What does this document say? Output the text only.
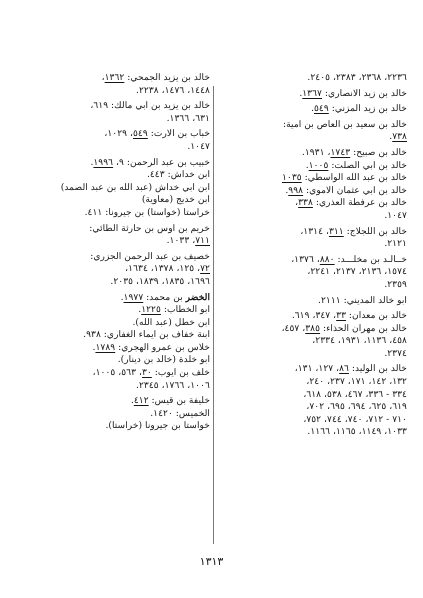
٢٢٣٦، ٢٣٦٨، ٢٣٨٣، ٢٤٠٥.
خالد بن زيد الانصاري: ١٣٦٧.
خالد بن زيد المزني: ٥٤٩.
خالد بن سعيد بن العاص بن امية:
٧٣٨.
خالد بن صبيح: ١٧٤٣، ١٩٣١.
خالد بن ابي الصلت: ١٠٠٥.
خالد بن عبد الله الواسطي: ١٠٣٥
خالد بن ابي عثمان الاموي: ٩٩٨.
خالد بن عرفطة العذري: ٣٣٨،
١٠٤٧.
خالد بن اللجلاج: ٣١١، ١٣١٤،
٢١٢١.
خــالـد بن مخلـــد: ٨٨٠، ١٣٧٦،
١٥٧٤، ٢١٣٦، ٢١٣٧، ٢٢٤١،
٢٣٥٩.
ابو خالد المديني: ٢١١١.
خالد بن معدان: ٣٣، ٣٤٧، ٦١٩.
خالد بن مهران الحذاء: ٣٨٥، ٤٥٧،
٤٥٨، ١١٣٦، ١٩٣١، ٢٣٣٤،
٢٣٧٤.
خالد بن الوليد: ٨٦، ١٢٧، ١٣١،
١٣٢، ١٤٢، ١٧١، ٢٣٧، ٢٤٠،
٣٣٤ - ٣٣٦، ٤٦٧، ٥٣٨، ٦١٨،
٦١٩، ٦٢٥، ٦٩٤، ٦٩٥، ٧٠٢،
٧١٠ - ٧١٢، ٧٤٠، ٧٤٤، ٧٥٢،
١٠٣٣، ١١٤٩، ١١٦٥، ١١٦٦.
خالد بن يزيد الجمحي: ١٣٦٢،
١٤٤٨، ١٤٧٦، ٢٢٣٨.
خالد بن يزيد بن ابي مالك: ٦١٩،
٦٣١، ١٣٦٦.
خباب بن الارت: ٥٤٩، ١٠٢٩،
١٠٤٧.
خبيب بن عبد الرحمن: ٩، ١٩٩٦.
ابن خداش: ٤٤٣.
ابن ابي خداش (عبد الله بن عبد الصمد)
ابن خديج (معاوية)
خراستا (خواستا) بن جيرونا: ٤١١.
خريم بن اوس بن حارثة الطائي:
٧١١، ١٠٣٣.
خصيف بن عبد الرحمن الجزري:
٧٢، ١٢٥، ١٣٧٨، ١٦٣٤،
١٦٩٦، ١٨٣٥، ١٨٣٩، ٢٠٣٥.
الخضر بن محمد: ١٩٧٧.
ابو الخطاب: ١٢٢٥.
ابن خطل (عبد الله).
ابنة خفاف بن ايماء الغفاري: ٩٣٨.
خلاس بن عمرو الهجري: ١٧٨٩.
ابو خلدة (خالد بن دينار).
خلف بن ايوب: ٣٠، ٥٦٣، ١٠٠٥،
١٠٠٦، ١٧٦٦، ٢٣٤٥.
خليفة بن قيس: ٤١٢.
الخميس: ١٤٢٠.
خواستا بن جيرونا (خراستا).
١٣١٣
